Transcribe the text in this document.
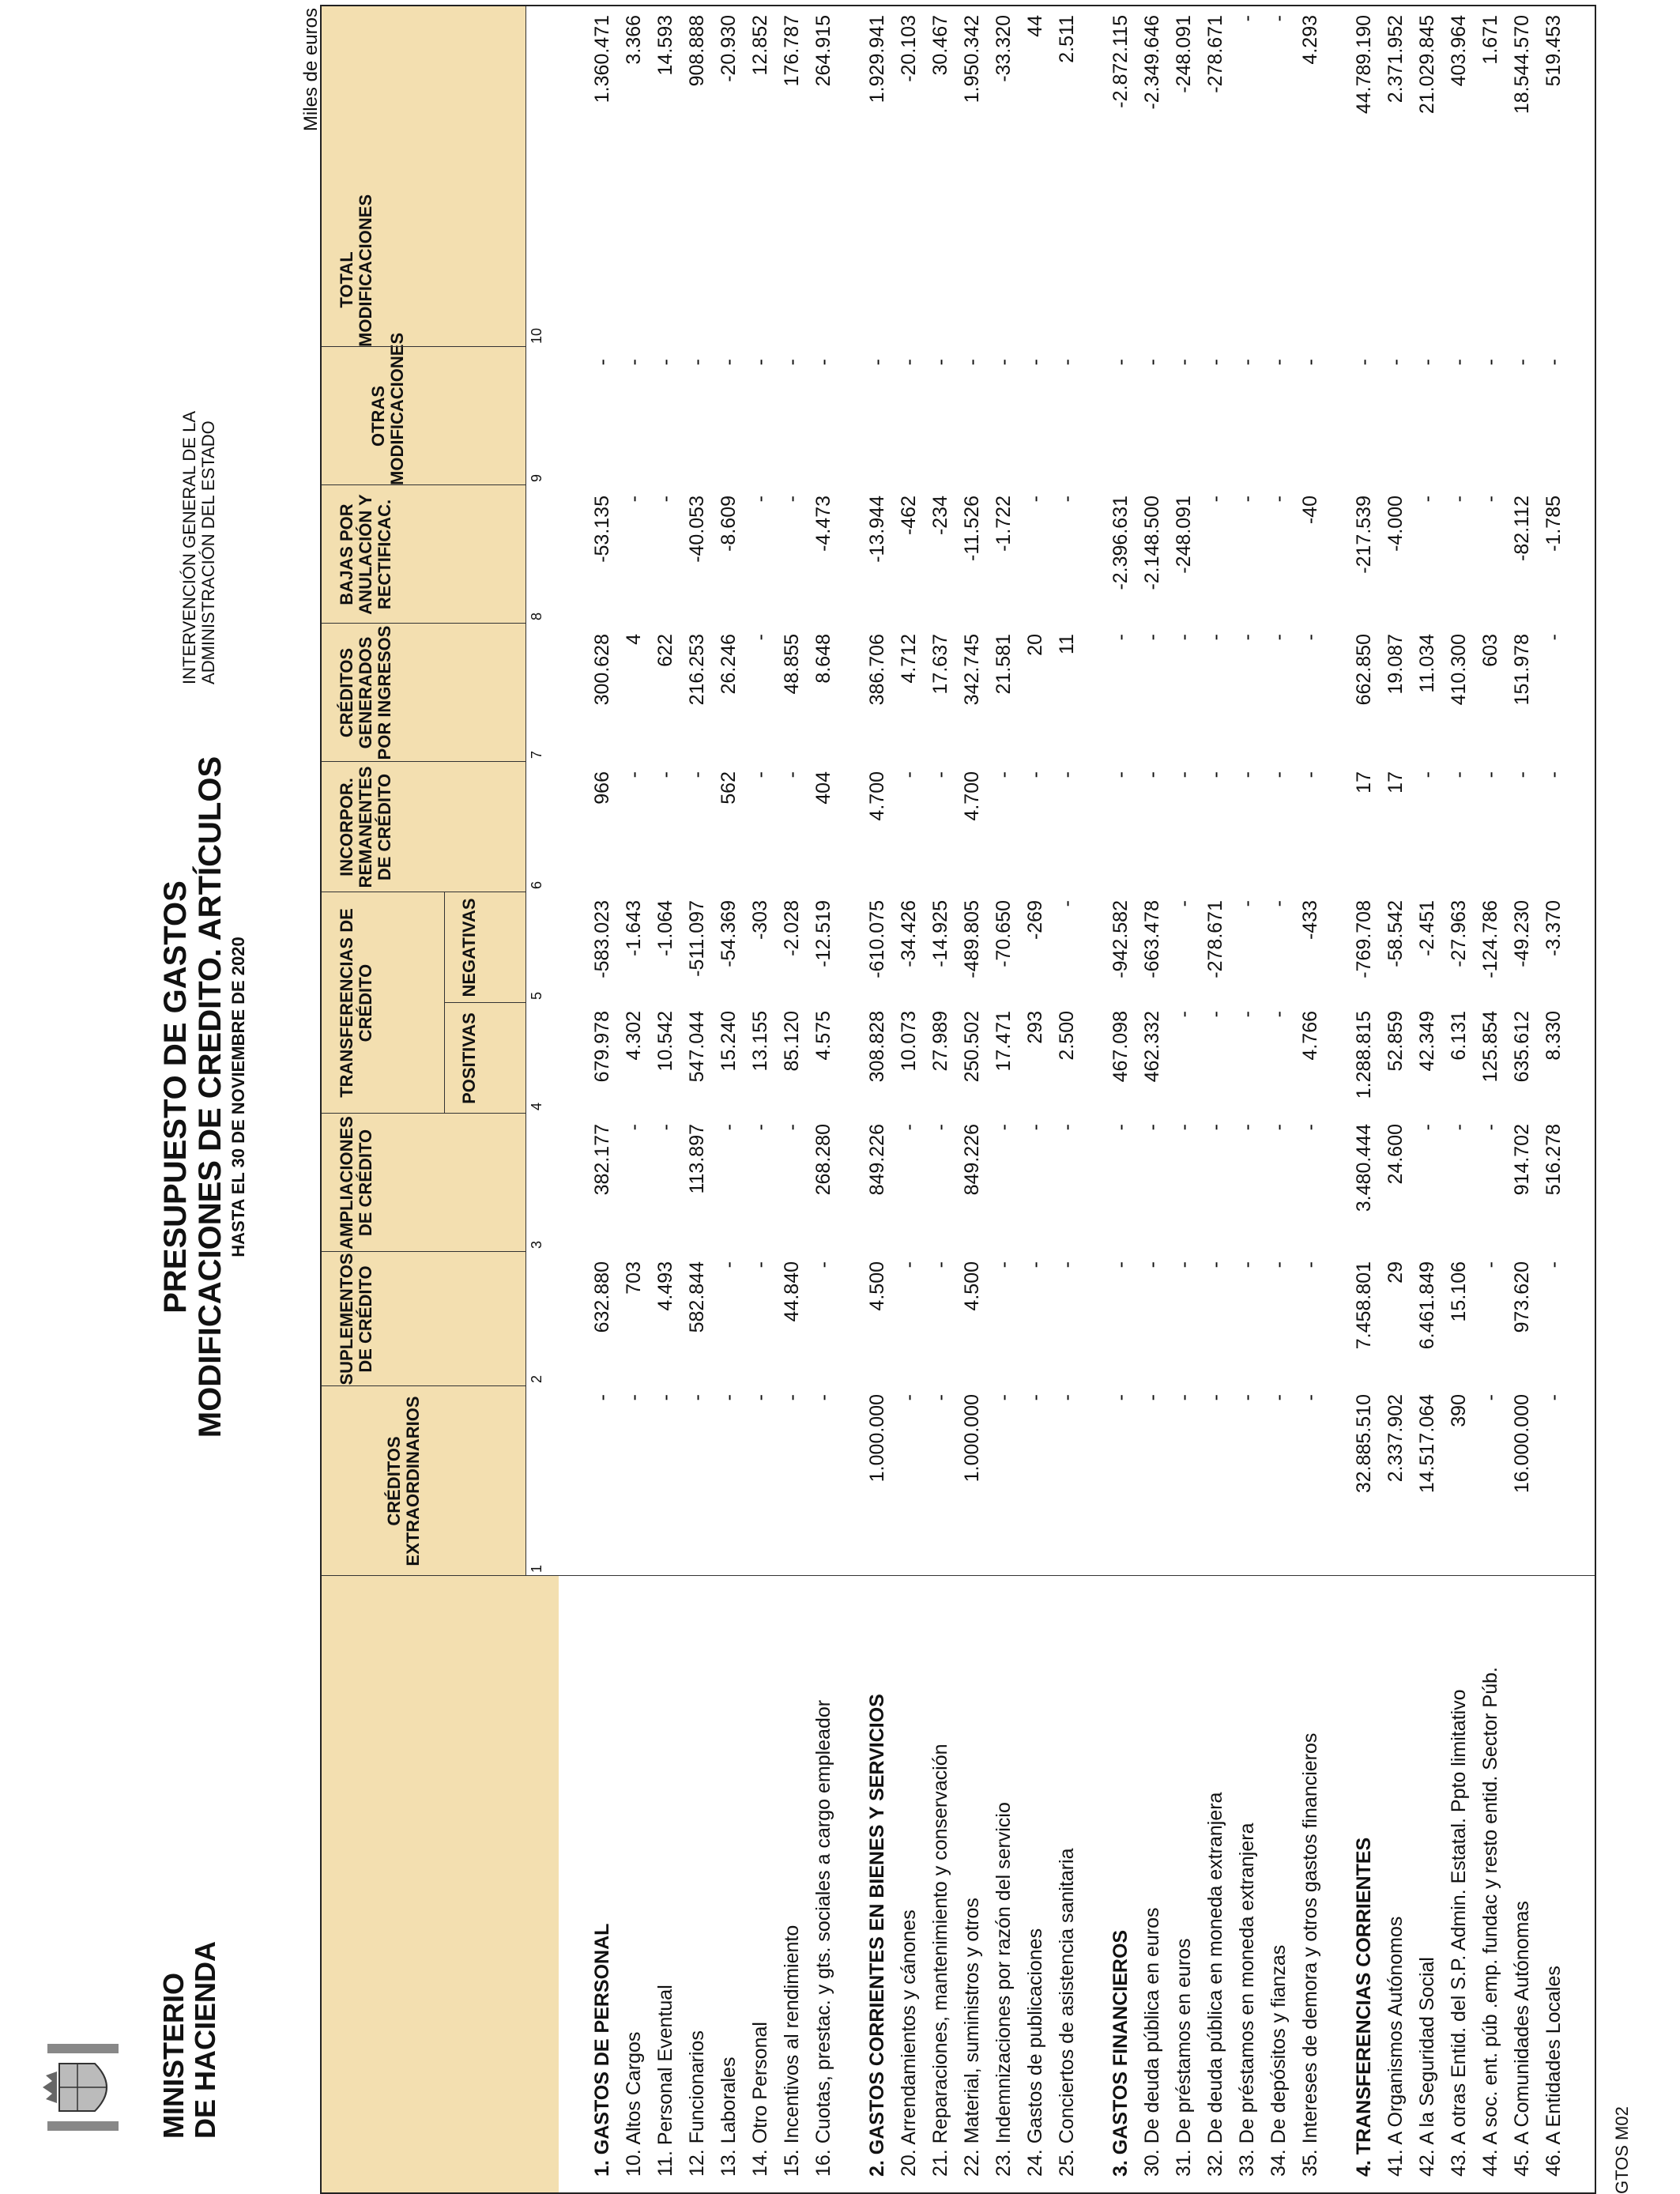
MINISTERIO DE HACIENDA
PRESUPUESTO DE GASTOS MODIFICACIONES DE CREDITO. ARTÍCULOS HASTA EL 30 DE NOVIEMBRE DE 2020
INTERVENCIÓN GENERAL DE LA ADMINISTRACIÓN DEL ESTADO
Miles de euros
CRÉDITOS EXTRAORDINARIOS
SUPLEMENTOS DE CRÉDITO
AMPLIACIONES DE CRÉDITO
TRANSFERENCIAS DE CRÉDITO
POSITIVAS
NEGATIVAS
INCORPOR. REMANENTES DE CRÉDITO
CRÉDITOS GENERADOS POR INGRESOS
BAJAS POR ANULACIÓN Y RECTIFICAC.
OTRAS MODIFICACIONES
TOTAL MODIFICACIONES
1
2
3
4
5
6
7
8
9
10
1. GASTOS DE PERSONAL
-
632.880
382.177
679.978
-583.023
966
300.628
-53.135
-
1.360.471
10. Altos Cargos
-
703
-
4.302
-1.643
-
4
-
-
3.366
11. Personal Eventual
-
4.493
-
10.542
-1.064
-
622
-
-
14.593
12. Funcionarios
-
582.844
113.897
547.044
-511.097
-
216.253
-40.053
-
908.888
13. Laborales
-
-
-
15.240
-54.369
562
26.246
-8.609
-
-20.930
14. Otro Personal
-
-
-
13.155
-303
-
-
-
-
12.852
15. Incentivos al rendimiento
-
44.840
-
85.120
-2.028
-
48.855
-
-
176.787
16. Cuotas, prestac. y gts. sociales a cargo empleador
-
-
268.280
4.575
-12.519
404
8.648
-4.473
-
264.915
2. GASTOS CORRIENTES EN BIENES Y SERVICIOS
1.000.000
4.500
849.226
308.828
-610.075
4.700
386.706
-13.944
-
1.929.941
20. Arrendamientos y cánones
-
-
-
10.073
-34.426
-
4.712
-462
-
-20.103
21. Reparaciones, mantenimiento y conservación
-
-
-
27.989
-14.925
-
17.637
-234
-
30.467
22. Material, suministros y otros
1.000.000
4.500
849.226
250.502
-489.805
4.700
342.745
-11.526
-
1.950.342
23. Indemnizaciones por razón del servicio
-
-
-
17.471
-70.650
-
21.581
-1.722
-
-33.320
24. Gastos de publicaciones
-
-
-
293
-269
-
20
-
-
44
25. Conciertos de asistencia sanitaria
-
-
-
2.500
-
-
11
-
-
2.511
3. GASTOS FINANCIEROS
-
-
-
467.098
-942.582
-
-
-2.396.631
-
-2.872.115
30. De deuda pública en euros
-
-
-
462.332
-663.478
-
-
-2.148.500
-
-2.349.646
31. De préstamos en euros
-
-
-
-
-
-
-
-248.091
-
-248.091
32. De deuda pública en moneda extranjera
-
-
-
-
-278.671
-
-
-
-
-278.671
33. De préstamos en moneda extranjera
-
-
-
-
-
-
-
-
-
-
34. De depósitos y fianzas
-
-
-
-
-
-
-
-
-
-
35. Intereses de demora y otros gastos financieros
-
-
-
4.766
-433
-
-
-40
-
4.293
4. TRANSFERENCIAS CORRIENTES
32.885.510
7.458.801
3.480.444
1.288.815
-769.708
17
662.850
-217.539
-
44.789.190
41. A Organismos Autónomos
2.337.902
29
24.600
52.859
-58.542
17
19.087
-4.000
-
2.371.952
42. A la Seguridad Social
14.517.064
6.461.849
-
42.349
-2.451
-
11.034
-
-
21.029.845
43. A otras Entid. del S.P. Admin. Estatal. Ppto limitativo
390
15.106
-
6.131
-27.963
-
410.300
-
-
403.964
44. A soc. ent. púb .emp. fundac y resto entid. Sector Púb.
-
-
-
125.854
-124.786
-
603
-
-
1.671
45. A Comunidades Autónomas
16.000.000
973.620
914.702
635.612
-49.230
-
151.978
-82.112
-
18.544.570
46. A Entidades Locales
-
-
516.278
8.330
-3.370
-
-
-1.785
-
519.453
GTOS M02
